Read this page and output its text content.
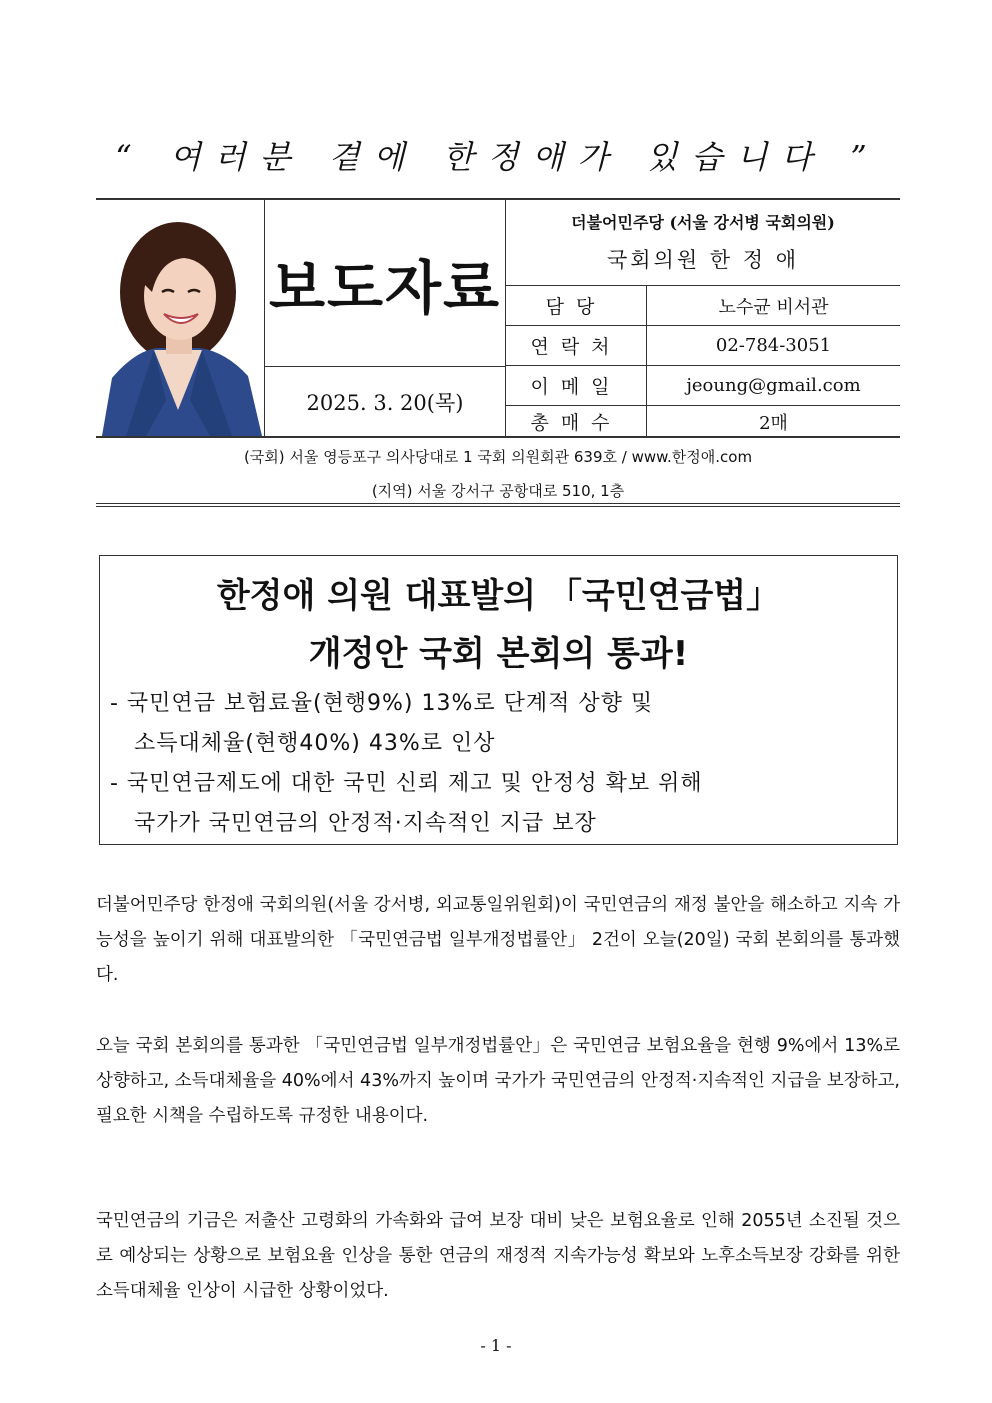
“ 여러분 곁에 한정애가 있습니다 ”
보도자료
2025. 3. 20(목)
더불어민주당 (서울 강서병 국회의원)
국회의원 한 정 애
담당	노수균 비서관
연락처	02-784-3051
이메일	jeoung@gmail.com
총매수	2매
(국회) 서울 영등포구 의사당대로 1 국회 의원회관 639호 / www.한정애.com
(지역) 서울 강서구 공항대로 510, 1층
한정애 의원 대표발의 「국민연금법」
개정안 국회 본회의 통과!
- 국민연금 보험료율(현행9%) 13%로 단계적 상향 및
소득대체율(현행40%) 43%로 인상
- 국민연금제도에 대한 국민 신뢰 제고 및 안정성 확보 위해
국가가 국민연금의 안정적·지속적인 지급 보장

더불어민주당 한정애 국회의원(서울 강서병, 외교통일위원회)이 국민연금의 재정 불안을 해소하고 지속 가능성을 높이기 위해 대표발의한 「국민연금법 일부개정법률안」 2건이 오늘(20일) 국회 본회의를 통과했다.

오늘 국회 본회의를 통과한 「국민연금법 일부개정법률안」은 국민연금 보험요율을 현행 9%에서 13%로 상향하고, 소득대체율을 40%에서 43%까지 높이며 국가가 국민연금의 안정적·지속적인 지급을 보장하고, 필요한 시책을 수립하도록 규정한 내용이다.

국민연금의 기금은 저출산 고령화의 가속화와 급여 보장 대비 낮은 보험요율로 인해 2055년 소진될 것으로 예상되는 상황으로 보험요율 인상을 통한 연금의 재정적 지속가능성 확보와 노후소득보장 강화를 위한 소득대체율 인상이 시급한 상황이었다.

- 1 -
